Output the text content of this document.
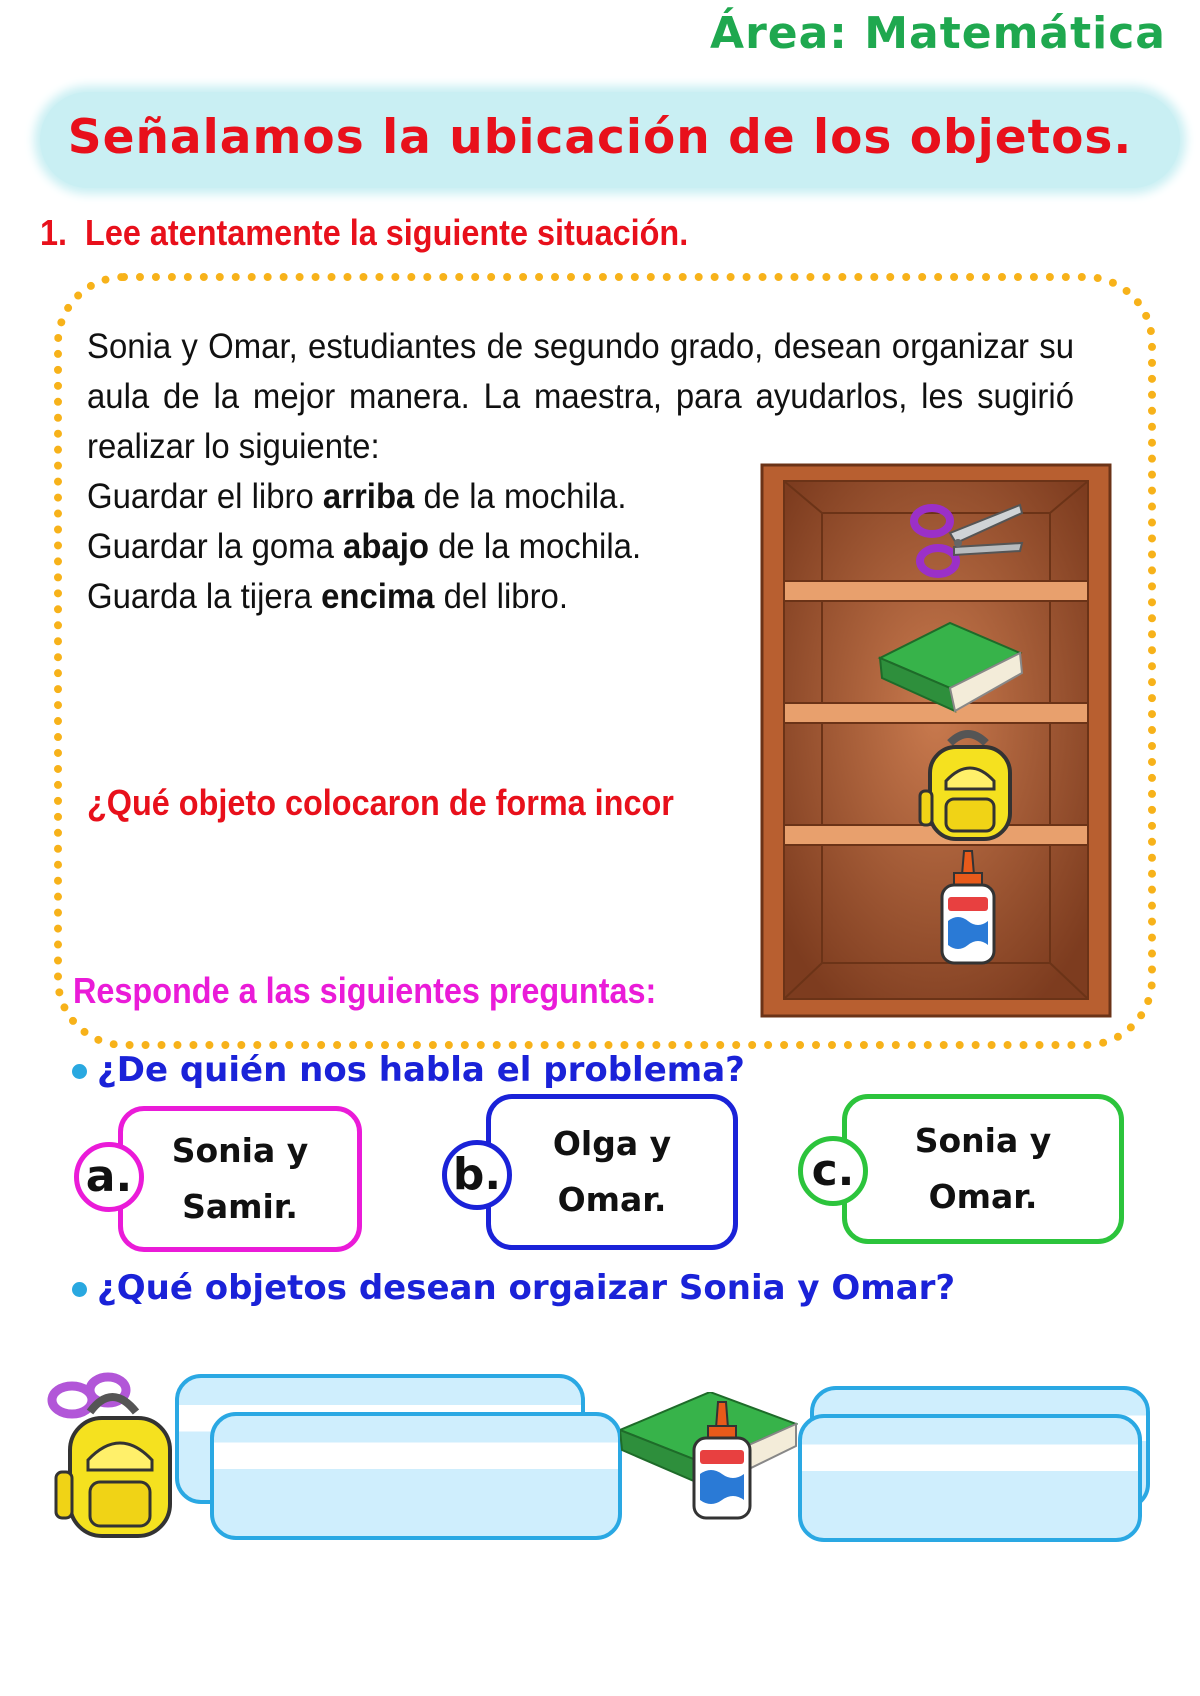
Área: Matemática
Señalamos la ubicación de los objetos.
1. Lee atentamente la siguiente situación.
Sonia y Omar, estudiantes de segundo grado, desean organizar su aula de la mejor manera. La maestra, para ayudarlos, les sugirió realizar lo siguiente:
Guardar el libro arriba de la mochila.
Guardar la goma abajo de la mochila.
Guarda la tijera encima del libro.
¿Qué objeto colocaron de forma incor
Responde a las siguientes preguntas:
¿De quién nos habla el problema?
Sonia y
Samir.
a.
Olga y
Omar.
b.
Sonia y
Omar.
c.
¿Qué objetos desean orgaizar Sonia y Omar?
